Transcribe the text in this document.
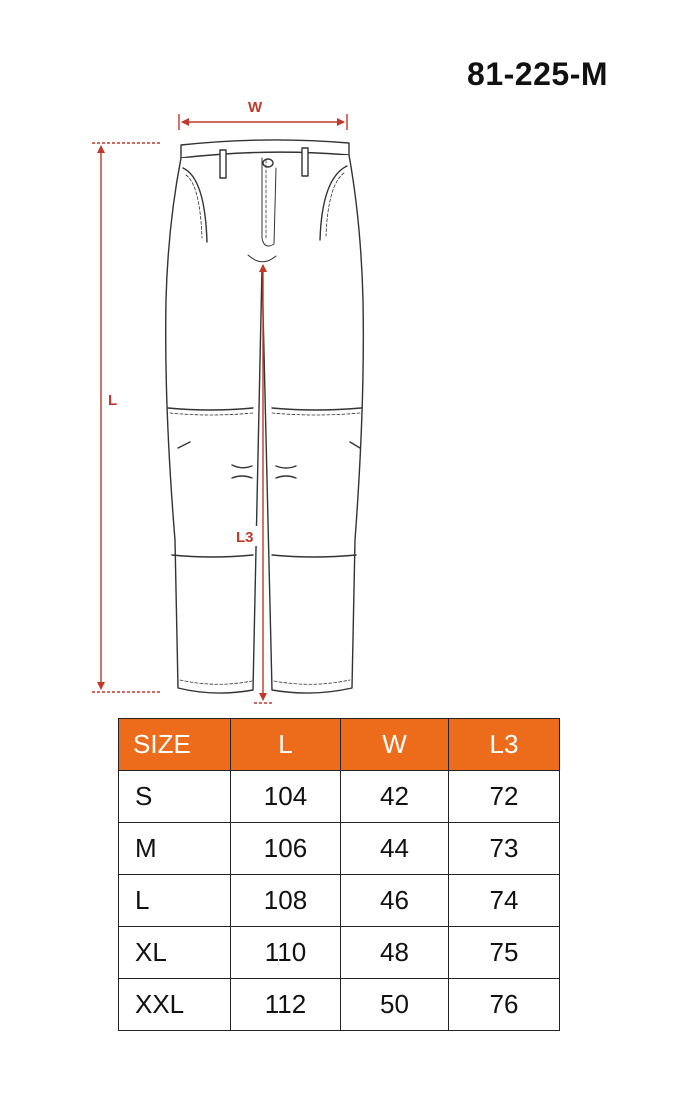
81-225-M
W
L
L3
SIZE	L	W	L3
S	104	42	72
M	106	44	73
L	108	46	74
XL	110	48	75
XXL	112	50	76
